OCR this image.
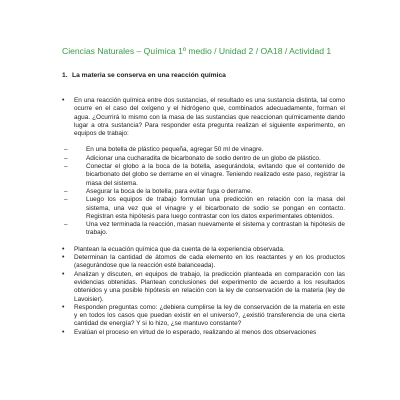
Ciencias Naturales – Química 1º medio / Unidad 2 / OA18 / Actividad 1
1. La materia se conserva en una reacción química
• En una reacción química entre dos sustancias, el resultado es una sustancia distinta, tal como ocurre en el caso del oxígeno y el hidrógeno que, combinados adecuadamente, forman el agua. ¿Ocurrirá lo mismo con la masa de las sustancias que reaccionan químicamente dando lugar a otra sustancia? Para responder esta pregunta realizan el siguiente experimento, en equipos de trabajo:
– En una botella de plástico pequeña, agregar 50 ml de vinagre.
– Adicionar una cucharadita de bicarbonato de sodio dentro de un globo de plástico.
– Conectar el globo a la boca de la botella, asegurándola, evitando que el contenido de bicarbonato del globo se derrame en el vinagre. Teniendo realizado este paso, registrar la masa del sistema.
– Asegurar la boca de la botella, para evitar fuga o derrame.
– Luego los equipos de trabajo formulan una predicción en relación con la masa del sistema, una vez que el vinagre y el bicarbonato de sodio se pongan en contacto. Registran esta hipótesis para luego contrastar con los datos experimentales obtenidos.
– Una vez terminada la reacción, masan nuevamente el sistema y contrastan la hipótesis de trabajo.
• Plantean la ecuación química que da cuenta de la experiencia observada.
• Determinan la cantidad de átomos de cada elemento en los reactantes y en los productos (asegurándose que la reacción esté balanceada).
• Analizan y discuten, en equipos de trabajo, la predicción planteada en comparación con las evidencias obtenidas. Plantean conclusiones del experimento de acuerdo a los resultados obtenidos y una posible hipótesis en relación con la ley de conservación de la materia (ley de Lavoisier).
• Responden preguntas como: ¿debiera cumplirse la ley de conservación de la materia en este y en todos los casos que puedan existir en el universo?, ¿existió transferencia de una cierta cantidad de energía? Y si lo hizo, ¿se mantuvo constante?
• Evalúan el proceso en virtud de lo esperado, realizando al menos dos observaciones
